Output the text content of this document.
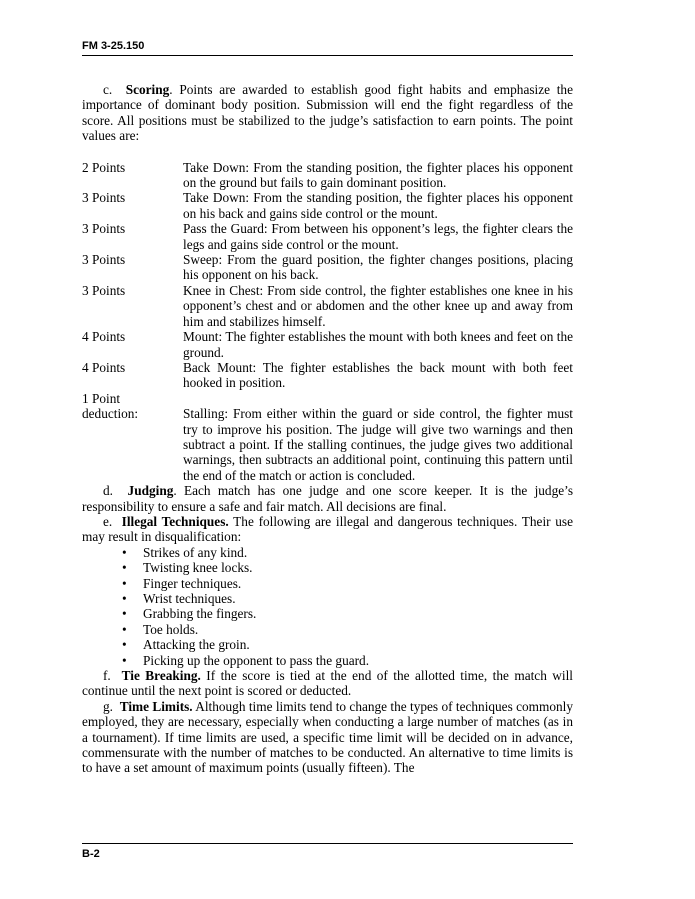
FM 3-25.150

c. Scoring. Points are awarded to establish good fight habits and emphasize the importance of dominant body position. Submission will end the fight regardless of the score. All positions must be stabilized to the judge’s satisfaction to earn points. The point values are:

2 Points	Take Down: From the standing position, the fighter places his opponent on the ground but fails to gain dominant position.
3 Points	Take Down: From the standing position, the fighter places his opponent on his back and gains side control or the mount.
3 Points	Pass the Guard: From between his opponent’s legs, the fighter clears the legs and gains side control or the mount.
3 Points	Sweep: From the guard position, the fighter changes positions, placing his opponent on his back.
3 Points	Knee in Chest: From side control, the fighter establishes one knee in his opponent’s chest and or abdomen and the other knee up and away from him and stabilizes himself.
4 Points	Mount: The fighter establishes the mount with both knees and feet on the ground.
4 Points	Back Mount: The fighter establishes the back mount with both feet hooked in position.
1 Point
deduction:	Stalling: From either within the guard or side control, the fighter must try to improve his position. The judge will give two warnings and then subtract a point. If the stalling continues, the judge gives two additional warnings, then subtracts an additional point, continuing this pattern until the end of the match or action is concluded.

d. Judging. Each match has one judge and one score keeper. It is the judge’s responsibility to ensure a safe and fair match. All decisions are final.

e. Illegal Techniques. The following are illegal and dangerous techniques. Their use may result in disqualification:

• Strikes of any kind.
• Twisting knee locks.
• Finger techniques.
• Wrist techniques.
• Grabbing the fingers.
• Toe holds.
• Attacking the groin.
• Picking up the opponent to pass the guard.

f. Tie Breaking. If the score is tied at the end of the allotted time, the match will continue until the next point is scored or deducted.

g. Time Limits. Although time limits tend to change the types of techniques commonly employed, they are necessary, especially when conducting a large number of matches (as in a tournament). If time limits are used, a specific time limit will be decided on in advance, commensurate with the number of matches to be conducted. An alternative to time limits is to have a set amount of maximum points (usually fifteen). The

B-2
